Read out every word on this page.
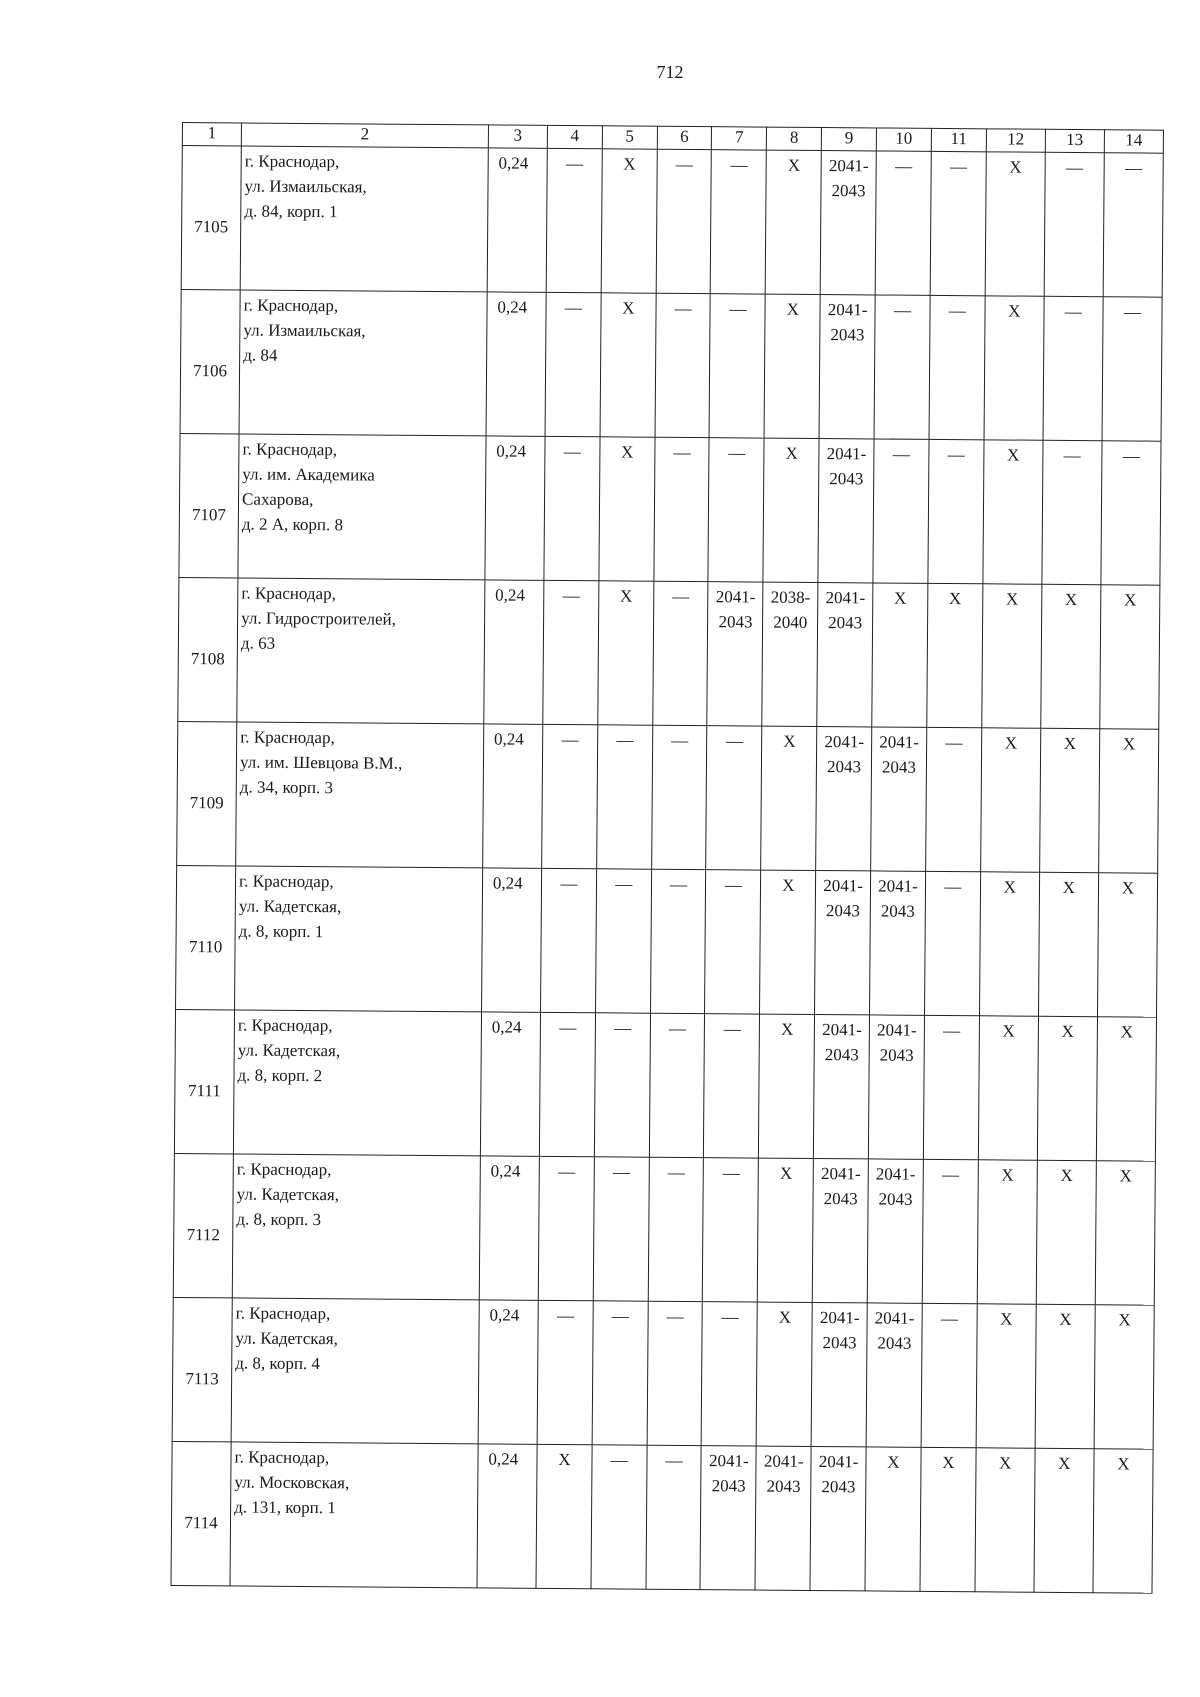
712
1	2	3	4	5	6	7	8	9	10	11	12	13	14
7105	г. Краснодар,
ул. Измаильская,
д. 84, корп. 1	0,24	—	Х	—	—	Х	2041-2043	—	—	Х	—	—
7106	г. Краснодар,
ул. Измаильская,
д. 84	0,24	—	Х	—	—	Х	2041-2043	—	—	Х	—	—
7107	г. Краснодар,
ул. им. Академика
Сахарова,
д. 2 А, корп. 8	0,24	—	Х	—	—	Х	2041-2043	—	—	Х	—	—
7108	г. Краснодар,
ул. Гидростроителей,
д. 63	0,24	—	Х	—	2041-2043	2038-2040	2041-2043	Х	Х	Х	Х	Х
7109	г. Краснодар,
ул. им. Шевцова В.М.,
д. 34, корп. 3	0,24	—	—	—	—	Х	2041-2043	2041-2043	—	Х	Х	Х
7110	г. Краснодар,
ул. Кадетская,
д. 8, корп. 1	0,24	—	—	—	—	Х	2041-2043	2041-2043	—	Х	Х	Х
7111	г. Краснодар,
ул. Кадетская,
д. 8, корп. 2	0,24	—	—	—	—	Х	2041-2043	2041-2043	—	Х	Х	Х
7112	г. Краснодар,
ул. Кадетская,
д. 8, корп. 3	0,24	—	—	—	—	Х	2041-2043	2041-2043	—	Х	Х	Х
7113	г. Краснодар,
ул. Кадетская,
д. 8, корп. 4	0,24	—	—	—	—	Х	2041-2043	2041-2043	—	Х	Х	Х
7114	г. Краснодар,
ул. Московская,
д. 131, корп. 1	0,24	Х	—	—	2041-2043	2041-2043	2041-2043	Х	Х	Х	Х	Х
